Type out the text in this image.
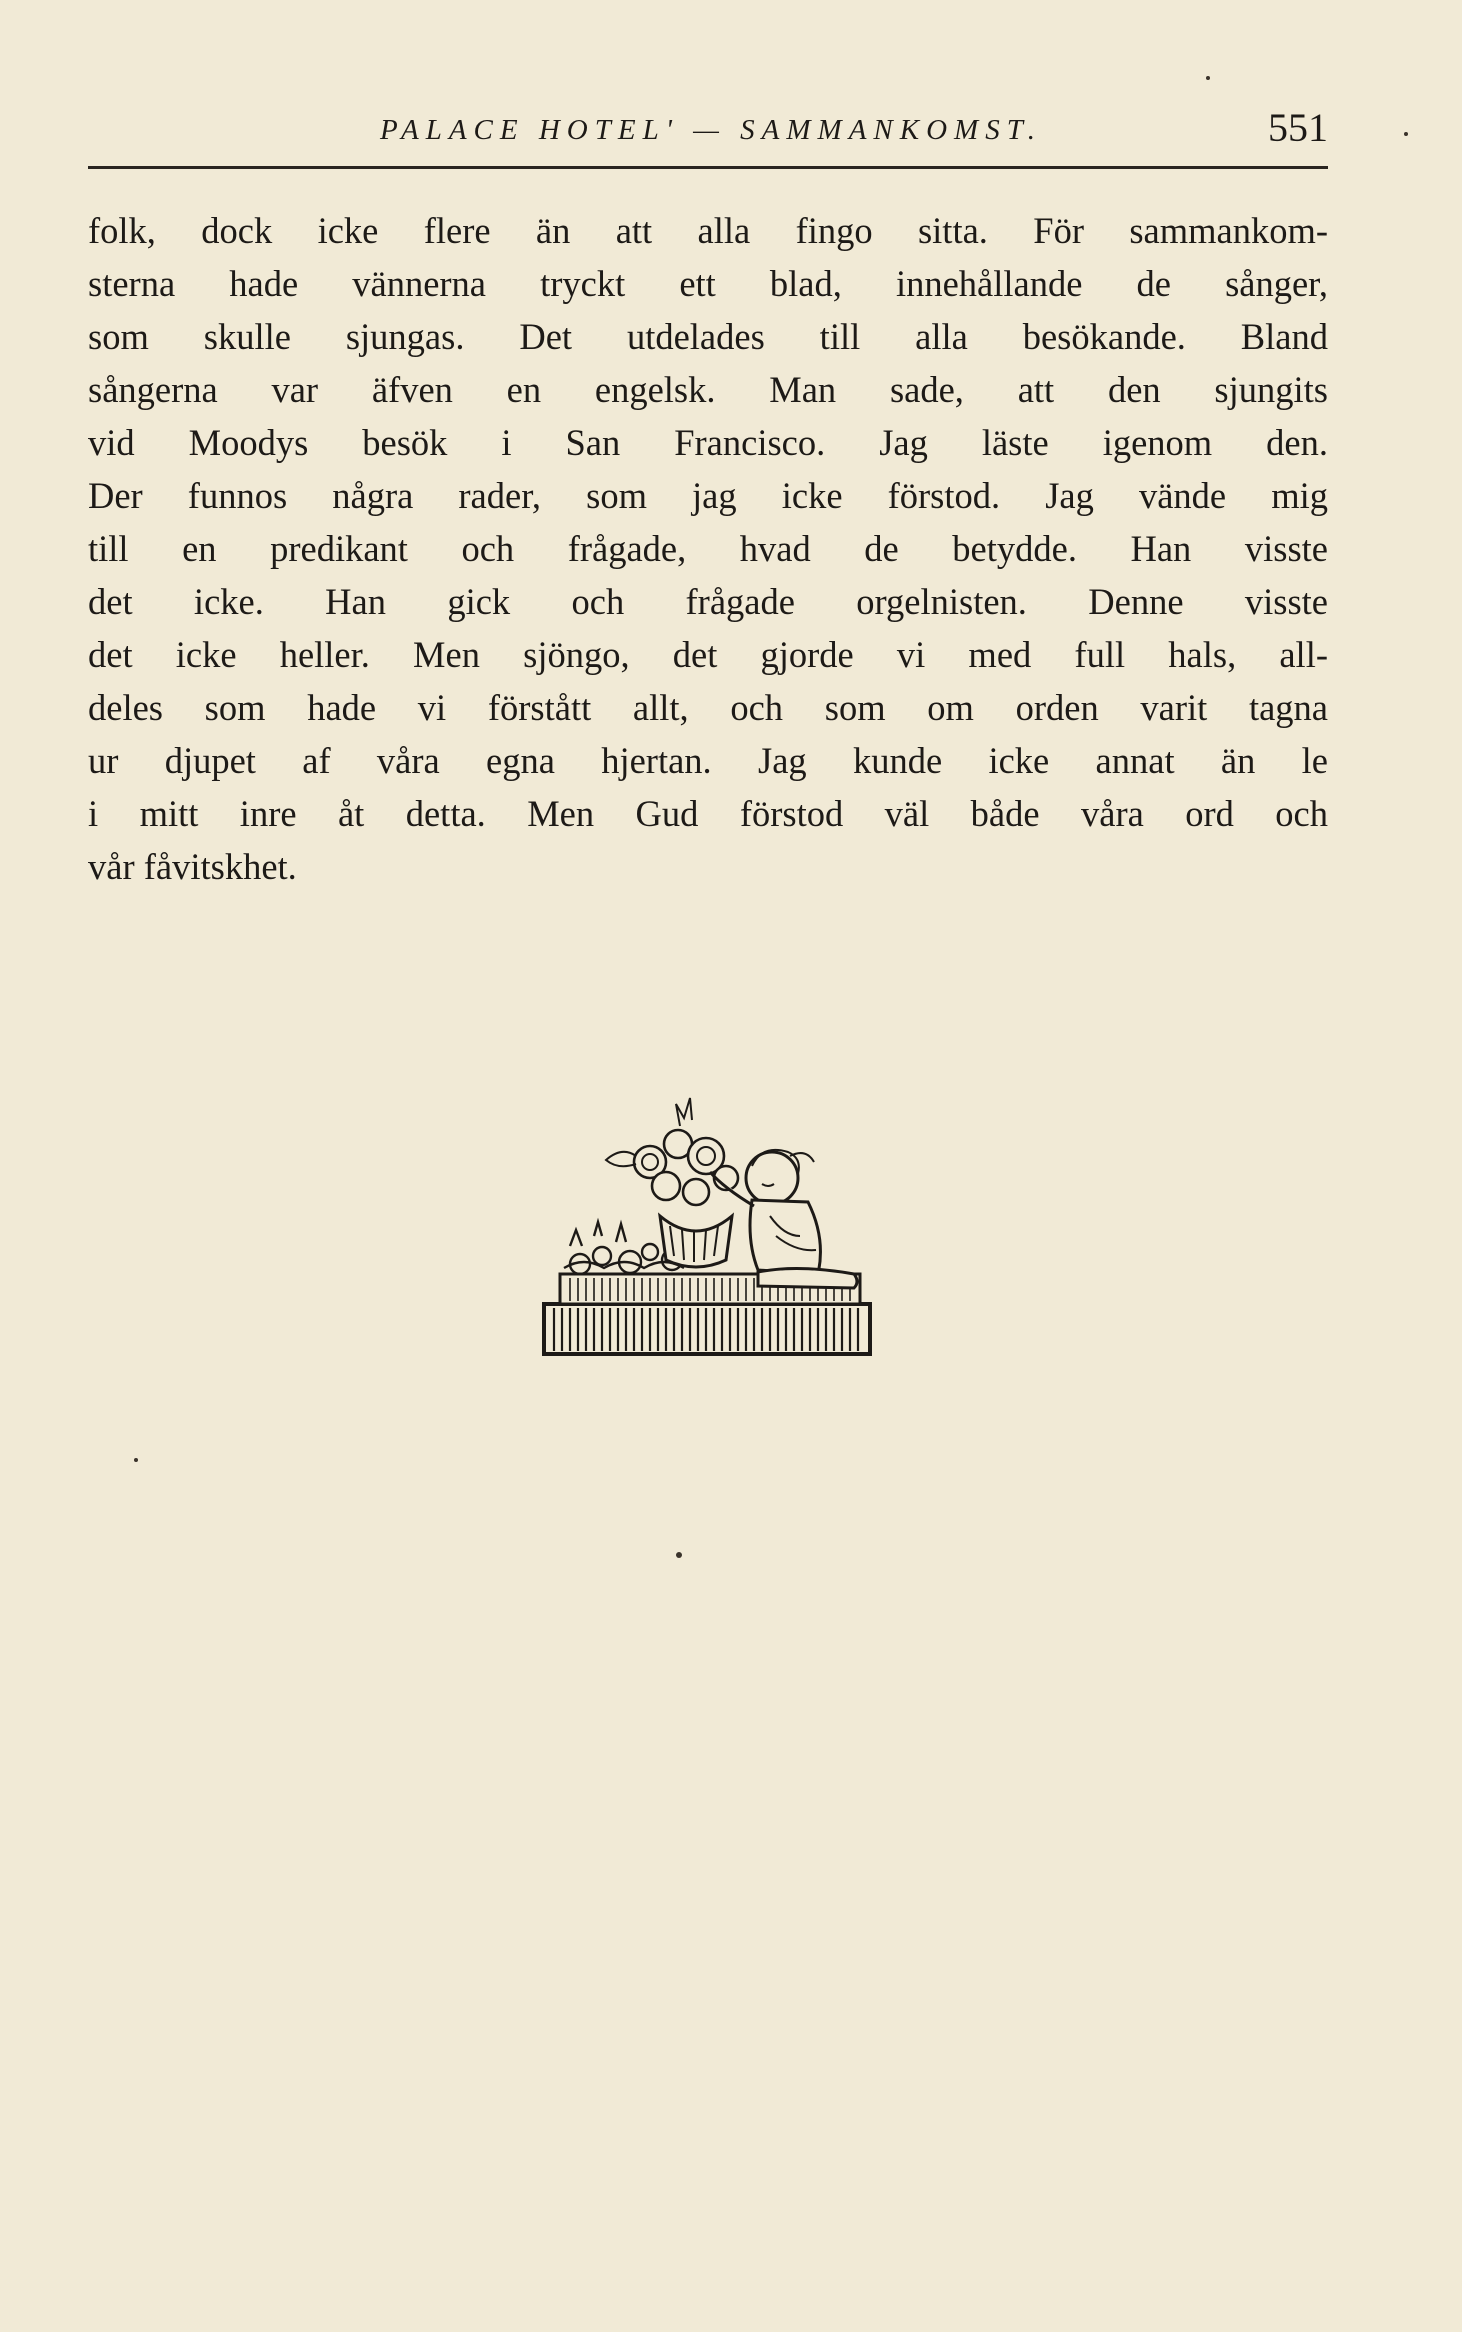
PALACE HOTEL' — SAMMANKOMST.	551
folk, dock icke flere än att alla fingo sitta. För sammankom-
sterna hade vännerna tryckt ett blad, innehållande de sånger,
som skulle sjungas. Det utdelades till alla besökande. Bland
sångerna var äfven en engelsk. Man sade, att den sjungits
vid Moodys besök i San Francisco. Jag läste igenom den.
Der funnos några rader, som jag icke förstod. Jag vände mig
till en predikant och frågade, hvad de betydde. Han visste
det icke. Han gick och frågade orgelnisten. Denne visste
det icke heller. Men sjöngo, det gjorde vi med full hals, all-
deles som hade vi förstått allt, och som om orden varit tagna
ur djupet af våra egna hjertan. Jag kunde icke annat än le
i mitt inre åt detta. Men Gud förstod väl både våra ord och
vår fåvitskhet.
